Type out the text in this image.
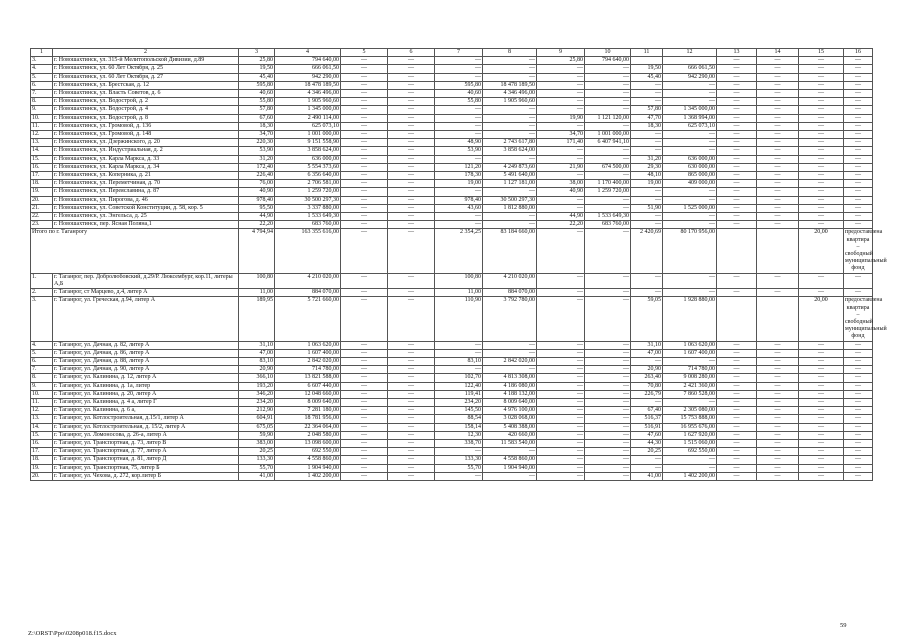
1	2	3	4	5	6	7	8	9	10	11	12	13	14	15	16
3.	г. Новошахтинск, ул. 315-й Мелитопольской Дивизии, д.89	25,80	794 640,00	—	—	—	—	25,80	794 640,00			—	—	—	—
4.	г. Новошахтинск, ул. 60 Лет Октября, д. 25	19,50	666 061,50	—	—	—	—	—	—	19,50	666 061,50	—	—	—	—
5.	г. Новошахтинск, ул. 60 Лет Октября, д. 27	45,40	942 290,00	—	—	—	—	—	—	45,40	942 290,00	—	—	—	—
6.	г. Новошахтинск, ул. Брестская, д. 12	595,80	18 478 189,50	—	—	595,80	18 478 189,50	—	—	—	—	—	—	—	—
7.	г. Новошахтинск, ул. Власть Советов, д. 6	40,60	4 346 496,00	—	—	40,60	4 346 496,00	—	—	—	—	—	—	—	—
8.	г. Новошахтинск, ул. Водострой, д. 2	55,80	1 905 960,60	—	—	55,80	1 905 960,60	—	—	—	—	—	—	—	—
9.	г. Новошахтинск, ул. Водострой, д. 4	57,80	1 345 000,00	—	—	—	—	—	—	57,80	1 345 000,00	—	—	—	—
10.	г. Новошахтинск, ул. Водострой, д. 8	67,60	2 490 114,00	—	—	—	—	19,90	1 121 120,00	47,70	1 368 994,00	—	—	—	—
11.	г. Новошахтинск, ул. Громовой, д. 136	18,30	625 073,10	—	—	—	—	—	—	18,30	625 073,10	—	—	—	—
12.	г. Новошахтинск, ул. Громовой, д. 148	34,70	1 001 000,00	—	—	—	—	34,70	1 001 000,00	—	—	—	—	—	—
13.	г. Новошахтинск, ул. Дзержинского, д. 20	220,30	9 151 558,90	—	—	48,90	2 743 617,80	171,40	6 407 941,10	—	—	—	—	—	—
14.	г. Новошахтинск, ул. Индустриальная, д. 2	53,90	3 858 624,00	—	—	53,90	3 858 624,00	—	—	—	—	—	—	—	—
15.	г. Новошахтинск, ул. Карла Маркса, д. 33	31,20	636 000,00	—	—	—	—	—	—	31,20	636 000,00	—	—	—	—
16.	г. Новошахтинск, ул. Карла Маркса, д. 34	172,40	5 554 373,60	—	—	121,20	4 249 873,60	21,90	674 500,00	29,30	630 000,00	—	—	—	—
17.	г. Новошахтинск, ул. Коперника, д. 21	226,40	6 356 640,00	—	—	178,30	5 491 640,00	—	—	48,10	865 000,00	—	—	—	—
18.	г. Новошахтинск, ул. Переметчиная, д. 70	76,00	2 706 581,00	—	—	19,00	1 127 181,00	38,00	1 170 400,00	19,00	409 000,00	—	—	—	—
19.	г. Новошахтинск, ул. Переяславина, д. 87	40,90	1 259 720,00	—	—	—	—	40,90	1 259 720,00	—	—	—	—	—	—
20.	г. Новошахтинск, ул. Пирогова, д. 46	978,40	30 500 297,30	—	—	978,40	30 500 297,30	—	—	—	—	—	—	—	—
21.	г. Новошахтинск, ул. Советской Конституции, д. 58, кор. 5	95,50	3 337 880,00	—	—	43,60	1 812 880,00	—	—	51,90	1 525 000,00	—	—	—	—
22.	г. Новошахтинск, ул. Энгельса, д. 25	44,90	1 533 649,30	—	—	—	—	44,90	1 533 649,30	—	—	—	—	—	—
23.	г. Новошахтинск, пер. Ясная Поляна,1	22,20	683 760,00	—	—	—	—	22,20	683 760,00	—	—	—	—	—	—
Итого по г. Таганрогу		4 794,94	163 355 616,00	—	—	2 354,25	83 184 660,00	—	—	2 420,69	80 170 956,00			20,00	предоставлена квартира – свободный муниципальный фонд
1.	г. Таганрог, пер. Добролюбовский, д.29/Р. Люксембург, кор.11, литеры А,Б	100,80	4 210 020,00	—	—	100,80	4 210 020,00	—	—	—	—	—	—	—	—
2.	г. Таганрог, ст Марцево, д.4, литер А	11,00	884 070,00	—	—	11,00	884 070,00	—	—	—	—	—	—	—	—
3.	г. Таганрог, ул. Греческая, д.94, литер А	189,95	5 721 660,00	—	—	110,90	3 792 780,00	—	—	59,05	1 928 880,00			20,00	предоставлена квартира – свободный муниципальный фонд
4.	г. Таганрог, ул. Дачная, д. 82, литер А	31,10	1 063 620,00	—	—	—	—	—	—	31,10	1 063 620,00	—	—	—	—
5.	г. Таганрог, ул. Дачная, д. 86, литер А	47,00	1 607 400,00	—	—	—	—	—	—	47,00	1 607 400,00	—	—	—	—
6.	г. Таганрог, ул. Дачная, д. 88, литер А	83,10	2 842 020,00	—	—	83,10	2 842 020,00	—	—	—	—	—	—	—	—
7.	г. Таганрог, ул. Дачная, д. 90, литер А	20,90	714 780,00	—	—	—	—	—	—	20,90	714 780,00	—	—	—	—
8.	г. Таганрог, ул. Калинина, д. 12, литер А	366,10	13 821 588,00	—	—	102,70	4 813 308,00	—	—	263,40	9 008 280,00	—	—	—	—
9.	г. Таганрог, ул. Калинина, д. 1а, литер	193,20	6 607 440,00	—	—	122,40	4 186 080,00	—	—	70,80	2 421 360,00	—	—	—	—
10.	г. Таганрог, ул. Калинина, д. 20, литер А	346,20	12 048 660,00	—	—	119,41	4 188 132,00	—	—	226,79	7 860 528,00	—	—	—	—
11.	г. Таганрог, ул. Калинина, д. 4 а, литер Г	234,20	8 009 640,00	—	—	234,20	8 009 640,00	—	—	—	—	—	—	—	—
12.	г. Таганрог, ул. Калинина, д. 6 а,	212,90	7 281 180,00	—	—	145,50	4 976 100,00	—	—	67,40	2 305 080,00	—	—	—	—
13.	г. Таганрог, ул. Котлостроительная, д.15/1, литер А	604,91	18 781 956,00	—	—	88,54	3 028 068,00	—	—	516,37	15 753 888,00	—	—	—	—
14.	г. Таганрог, ул. Котлостроительная, д. 15/2, литер А	675,05	22 364 064,00	—	—	158,14	5 408 388,00	—	—	516,91	16 955 676,00	—	—	—	—
15.	г. Таганрог, ул. Ломоносова, д. 26-а, литер А	59,90	2 048 580,00	—	—	12,30	420 660,00	—	—	47,60	1 627 920,00	—	—	—	—
16.	г. Таганрог, ул. Транспортная, д. 73, литер В	383,00	13 098 600,00	—	—	338,70	11 583 540,00	—	—	44,30	1 515 060,00	—	—	—	—
17.	г. Таганрог, ул. Транспортная, д. 77, литер А	20,25	692 550,00	—	—	—	—	—	—	20,25	692 550,00	—	—	—	—
18.	г. Таганрог, ул. Транспортная, д. 81, литер Д	133,30	4 558 860,00	—	—	133,30	4 558 860,00	—	—	—	—	—	—	—	—
19.	г. Таганрог, ул. Транспортная, 75, литер Б	55,70	1 904 940,00	—	—	55,70	1 904 940,00	—	—	—	—	—	—	—	—
20.	г. Таганрог, ул. Чехова, д. 272, кор.литер Б	41,00	1 402 200,00	—	—	—	—	—	—	41,00	1 402 200,00	—	—	—	—
59
Z:\ORST\Ppo\0208p018.f15.docx
